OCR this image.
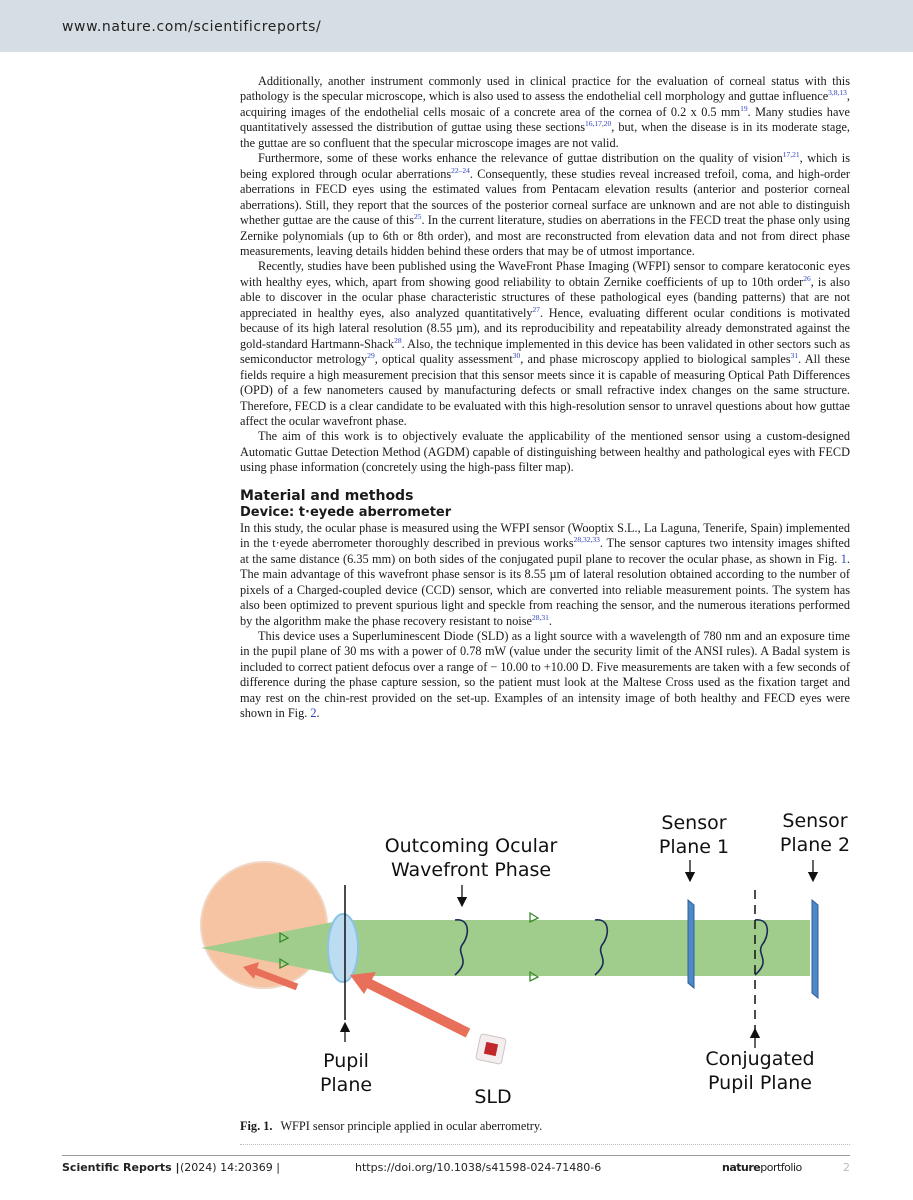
www.nature.com/scientificreports/

Additionally, another instrument commonly used in clinical practice for the evaluation of corneal status with this pathology is the specular microscope, which is also used to assess the endothelial cell morphology and guttae influence$^{3,8,13}$, acquiring images of the endothelial cells mosaic of a concrete area of the cornea of 0.2 x 0.5 $mm^{19}$. Many studies have quantitatively assessed the distribution of guttae using these sections$^{16,17,20}$, but, when the disease is in its moderate stage, the guttae are so confluent that the specular microscope images are not valid.

Furthermore, some of these works enhance the relevance of guttae distribution on the quality of vision$^{17,21}$, which is being explored through ocular aberrations$^{22-24}$. Consequently, these studies reveal increased trefoil, coma, and high-order aberrations in FECD eyes using the estimated values from Pentacam elevation results (anterior and posterior corneal aberrations). Still, they report that the sources of the posterior corneal surface are unknown and are not able to distinguish whether guttae are the cause of this$^{25}$. In the current literature, studies on aberrations in the FECD treat the phase only using Zernike polynomials (up to 6th or 8th order), and most are reconstructed from elevation data and not from direct phase measurements, leaving details hidden behind these orders that may be of utmost importance.

Recently, studies have been published using the WaveFront Phase Imaging (WFPI) sensor to compare keratoconic eyes with healthy eyes, which, apart from showing good reliability to obtain Zernike coefficients of up to 10th order$^{26}$, is also able to discover in the ocular phase characteristic structures of these pathological eyes (banding patterns) that are not appreciated in healthy eyes, also analyzed quantitatively$^{27}$. Hence, evaluating different ocular conditions is motivated because of its high lateral resolution (8.55 µm), and its reproducibility and repeatability already demonstrated against the gold-standard Hartmann-Shack$^{28}$. Also, the technique implemented in this device has been validated in other sectors such as semiconductor metrology$^{29}$, optical quality assessment$^{30}$, and phase microscopy applied to biological samples$^{31}$. All these fields require a high measurement precision that this sensor meets since it is capable of measuring Optical Path Differences (OPD) of a few nanometers caused by manufacturing defects or small refractive index changes on the same structure. Therefore, FECD is a clear candidate to be evaluated with this high-resolution sensor to unravel questions about how guttae affect the ocular wavefront phase.

The aim of this work is to objectively evaluate the applicability of the mentioned sensor using a custom-designed Automatic Guttae Detection Method (AGDM) capable of distinguishing between healthy and pathological eyes with FECD using phase information (concretely using the high-pass filter map).

Material and methods
Device: t·eyede aberrometer

In this study, the ocular phase is measured using the WFPI sensor (Wooptix S.L., La Laguna, Tenerife, Spain) implemented in the t·eyede aberrometer thoroughly described in previous works$^{28,32,33}$. The sensor captures two intensity images shifted at the same distance (6.35 mm) on both sides of the conjugated pupil plane to recover the ocular phase, as shown in Fig. 1. The main advantage of this wavefront phase sensor is its 8.55 µm of lateral resolution obtained according to the number of pixels of a Charged-coupled device (CCD) sensor, which are converted into reliable measurement points. The system has also been optimized to prevent spurious light and speckle from reaching the sensor, and the numerous iterations performed by the algorithm make the phase recovery resistant to noise$^{28,31}$.

This device uses a Superluminescent Diode (SLD) as a light source with a wavelength of 780 nm and an exposure time in the pupil plane of 30 ms with a power of 0.78 mW (value under the security limit of the ANSI rules). A Badal system is included to correct patient defocus over a range of − 10.00 to +10.00 D. Five measurements are taken with a few seconds of difference during the phase capture session, so the patient must look at the Maltese Cross used as the fixation target and may rest on the chin-rest provided on the set-up. Examples of an intensity image of both healthy and FECD eyes were shown in Fig. 2.

Outcoming Ocular
Wavefront Phase
Sensor
Plane 1
Sensor
Plane 2
Pupil
Plane
SLD
Conjugated
Pupil Plane
Fig. 1. WFPI sensor principle applied in ocular aberrometry.
Scientific Reports | (2024) 14:20369 |	https://doi.org/10.1038/s41598-024-71480-6	natureportfolio	2
